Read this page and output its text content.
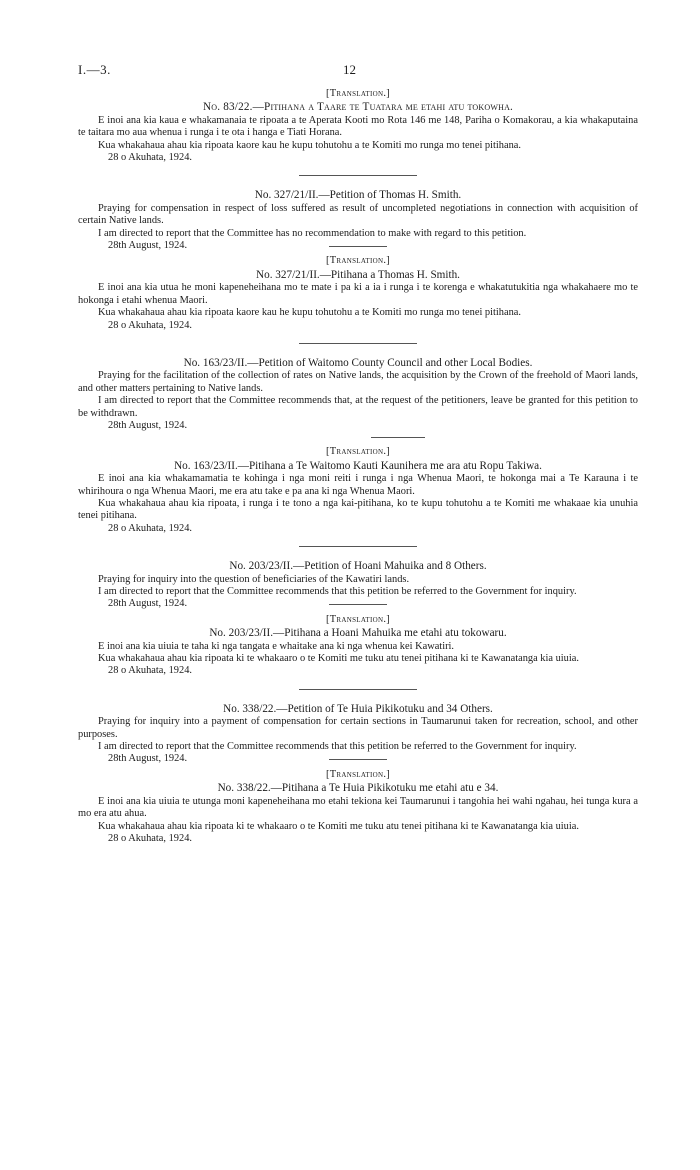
I.—3.	12
[Translation.]
No. 83/22.—Pitihana a Taare te Tuatara me etahi atu tokowha.

E inoi ana kia kaua e whakamanaia te ripoata a te Aperata Kooti mo Rota 146 me 148, Pariha o Komakorau, a kia whakaputaina te taitara mo aua whenua i runga i te ota i hanga e Tiati Horana.

Kua whakahaua ahau kia ripoata kaore kau he kupu tohutohu a te Komiti mo runga mo tenei pitihana.

28 o Akuhata, 1924.
No. 327/21/II.—Petition of Thomas H. Smith.

Praying for compensation in respect of loss suffered as result of uncompleted negotiations in connection with acquisition of certain Native lands.

I am directed to report that the Committee has no recommendation to make with regard to this petition.

28th August, 1924.
[Translation.]
No. 327/21/II.—Pitihana a Thomas H. Smith.

E inoi ana kia utua he moni kapeneheihana mo te mate i pa ki a ia i runga i te korenga e whakatutukitia nga whakahaere mo te hokonga i etahi whenua Maori.

Kua whakahaua ahau kia ripoata kaore kau he kupu tohutohu a te Komiti mo runga mo tenei pitihana.

28 o Akuhata, 1924.
No. 163/23/II.—Petition of Waitomo County Council and other Local Bodies.

Praying for the facilitation of the collection of rates on Native lands, the acquisition by the Crown of the freehold of Maori lands, and other matters pertaining to Native lands.

I am directed to report that the Committee recommends that, at the request of the petitioners, leave be granted for this petition to be withdrawn.

28th August, 1924.
[Translation.]
No. 163/23/II.—Pitihana a Te Waitomo Kauti Kaunihera me ara atu Ropu Takiwa.

E inoi ana kia whakamamatia te kohinga i nga moni reiti i runga i nga Whenua Maori, te hokonga mai a Te Karauna i te whirihoura o nga Whenua Maori, me era atu take e pa ana ki nga Whenua Maori.

Kua whakahaua ahau kia ripoata, i runga i te tono a nga kai-pitihana, ko te kupu tohutohu a te Komiti me whakaae kia unuhia tenei pitihana.

28 o Akuhata, 1924.
No. 203/23/II.—Petition of Hoani Mahuika and 8 Others.

Praying for inquiry into the question of beneficiaries of the Kawatiri lands.

I am directed to report that the Committee recommends that this petition be referred to the Government for inquiry.

28th August, 1924.
[Translation.]
No. 203/23/II.—Pitihana a Hoani Mahuika me etahi atu tokowaru.

E inoi ana kia uiuia te taha ki nga tangata e whaitake ana ki nga whenua kei Kawatiri.

Kua whakahaua ahau kia ripoata ki te whakaaro o te Komiti me tuku atu tenei pitihana ki te Kawanatanga kia uiuia.

28 o Akuhata, 1924.
No. 338/22.—Petition of Te Huia Pikikotuku and 34 Others.

Praying for inquiry into a payment of compensation for certain sections in Taumarunui taken for recreation, school, and other purposes.

I am directed to report that the Committee recommends that this petition be referred to the Government for inquiry.

28th August, 1924.
[Translation.]
No. 338/22.—Pitihana a Te Huia Pikikotuku me etahi atu e 34.

E inoi ana kia uiuia te utunga moni kapeneheihana mo etahi tekiona kei Taumarunui i tangohia hei wahi ngahau, hei tunga kura a mo era atu ahua.

Kua whakahaua ahau kia ripoata ki te whakaaro o te Komiti me tuku atu tenei pitihana ki te Kawanatanga kia uiuia.

28 o Akuhata, 1924.
